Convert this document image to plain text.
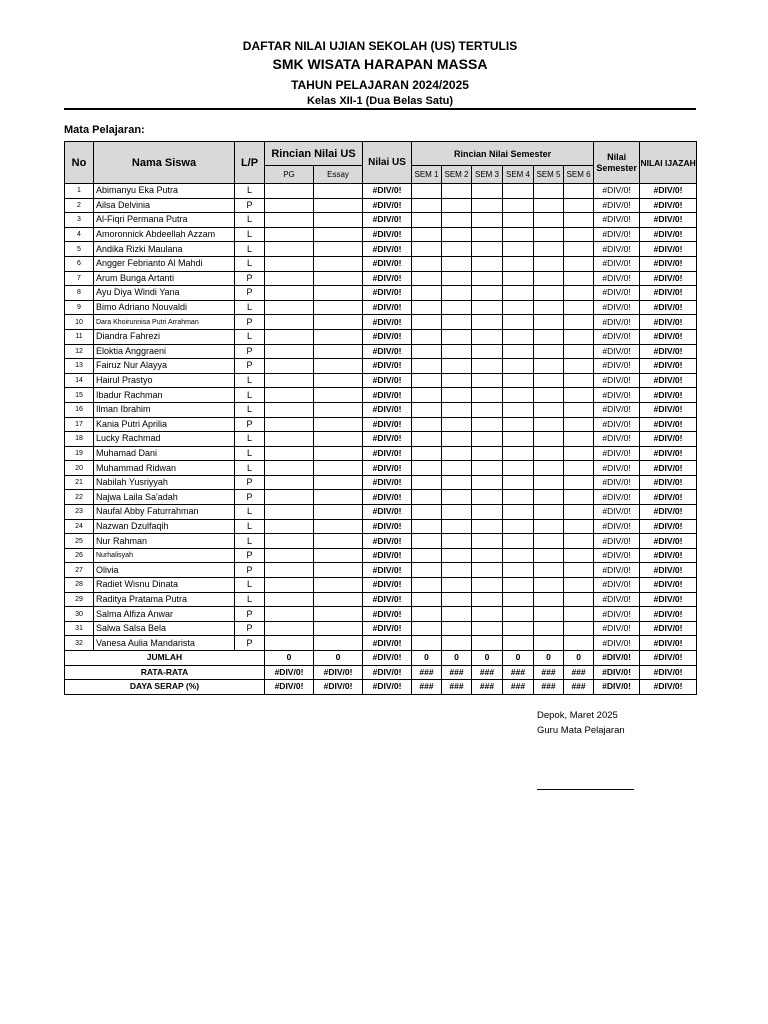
DAFTAR NILAI UJIAN SEKOLAH (US) TERTULIS
SMK WISATA HARAPAN MASSA
TAHUN PELAJARAN 2024/2025
Kelas XII-1 (Dua Belas Satu)
Mata Pelajaran:
No	Nama Siswa	L/P	Rincian Nilai US		Nilai US	Rincian Nilai Semester						Nilai Semester	NILAI IJAZAH
			PG	Essay		SEM 1	SEM 2	SEM 3	SEM 4	SEM 5	SEM 6		
1	Abimanyu Eka Putra	L			#DIV/0!							#DIV/0!	#DIV/0!
2	Ailsa Delvinia	P			#DIV/0!							#DIV/0!	#DIV/0!
3	Al-Fiqri Permana Putra	L			#DIV/0!							#DIV/0!	#DIV/0!
4	Amoronnick Abdeellah Azzam	L			#DIV/0!							#DIV/0!	#DIV/0!
5	Andika Rizki Maulana	L			#DIV/0!							#DIV/0!	#DIV/0!
6	Angger Febrianto Al Mahdi	L			#DIV/0!							#DIV/0!	#DIV/0!
7	Arum Bunga Artanti	P			#DIV/0!							#DIV/0!	#DIV/0!
8	Ayu Diya Windi Yana	P			#DIV/0!							#DIV/0!	#DIV/0!
9	Bimo Adriano Nouvaldi	L			#DIV/0!							#DIV/0!	#DIV/0!
10	Dara Khoirunnisa Putri Arrahman	P			#DIV/0!							#DIV/0!	#DIV/0!
11	Diandra Fahrezi	L			#DIV/0!							#DIV/0!	#DIV/0!
12	Eloktia Anggraeni	P			#DIV/0!							#DIV/0!	#DIV/0!
13	Fairuz Nur Alayya	P			#DIV/0!							#DIV/0!	#DIV/0!
14	Hairul Prastyo	L			#DIV/0!							#DIV/0!	#DIV/0!
15	Ibadur Rachman	L			#DIV/0!							#DIV/0!	#DIV/0!
16	Ilman Ibrahim	L			#DIV/0!							#DIV/0!	#DIV/0!
17	Kania Putri Aprilia	P			#DIV/0!							#DIV/0!	#DIV/0!
18	Lucky Rachmad	L			#DIV/0!							#DIV/0!	#DIV/0!
19	Muhamad Dani	L			#DIV/0!							#DIV/0!	#DIV/0!
20	Muhammad Ridwan	L			#DIV/0!							#DIV/0!	#DIV/0!
21	Nabilah Yusriyyah	P			#DIV/0!							#DIV/0!	#DIV/0!
22	Najwa Laila Sa'adah	P			#DIV/0!							#DIV/0!	#DIV/0!
23	Naufal Abby Faturrahman	L			#DIV/0!							#DIV/0!	#DIV/0!
24	Nazwan Dzulfaqih	L			#DIV/0!							#DIV/0!	#DIV/0!
25	Nur Rahman	L			#DIV/0!							#DIV/0!	#DIV/0!
26	Nurhalisyah	P			#DIV/0!							#DIV/0!	#DIV/0!
27	Olivia	P			#DIV/0!							#DIV/0!	#DIV/0!
28	Radiet Wisnu Dinata	L			#DIV/0!							#DIV/0!	#DIV/0!
29	Raditya Pratama Putra	L			#DIV/0!							#DIV/0!	#DIV/0!
30	Salma Alfiza Anwar	P			#DIV/0!							#DIV/0!	#DIV/0!
31	Salwa Salsa Bela	P			#DIV/0!							#DIV/0!	#DIV/0!
32	Vanesa Aulia Mandarista	P			#DIV/0!							#DIV/0!	#DIV/0!
JUMLAH			0	0	#DIV/0!	0	0	0	0	0	0	#DIV/0!	#DIV/0!
RATA-RATA			#DIV/0!	#DIV/0!	#DIV/0!	###	###	###	###	###	###	#DIV/0!	#DIV/0!
DAYA SERAP (%)			#DIV/0!	#DIV/0!	#DIV/0!	###	###	###	###	###	###	#DIV/0!	#DIV/0!
Depok, Maret 2025
Guru Mata Pelajaran
